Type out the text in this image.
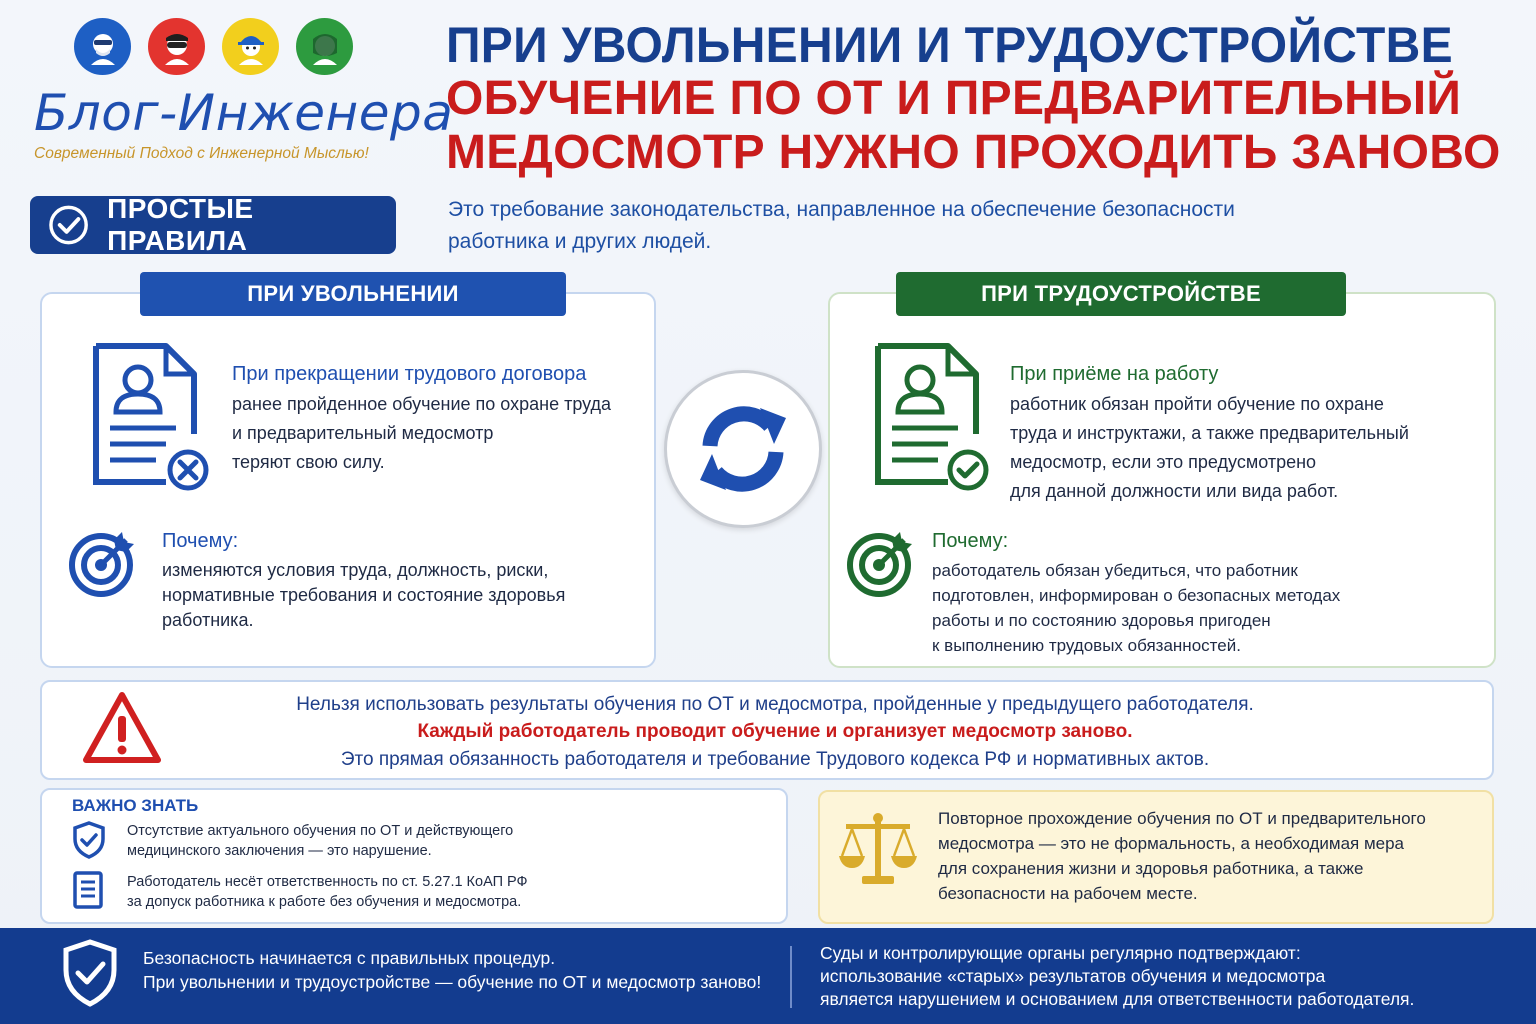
Блог-Инженера
Современный Подход с Инженерной Мыслью!
ПРОСТЫЕ ПРАВИЛА
ПРИ УВОЛЬНЕНИИ И ТРУДОУСТРОЙСТВЕ
ОБУЧЕНИЕ ПО ОТ И ПРЕДВАРИТЕЛЬНЫЙ
МЕДОСМОТР НУЖНО ПРОХОДИТЬ ЗАНОВО
Это требование законодательства, направленное на обеспечение безопасности
работника и других людей.
ПРИ УВОЛЬНЕНИИ
При прекращении трудового договора
ранее пройденное обучение по охране труда
и предварительный медосмотр
теряют свою силу.
Почему:
изменяются условия труда, должность, риски,
нормативные требования и состояние здоровья
работника.
ПРИ ТРУДОУСТРОЙСТВЕ
При приёме на работу
работник обязан пройти обучение по охране
труда и инструктажи, а также предварительный
медосмотр, если это предусмотрено
для данной должности или вида работ.
Почему:
работодатель обязан убедиться, что работник
подготовлен, информирован о безопасных методах
работы и по состоянию здоровья пригоден
к выполнению трудовых обязанностей.
Нельзя использовать результаты обучения по ОТ и медосмотра, пройденные у предыдущего работодателя.
Каждый работодатель проводит обучение и организует медосмотр заново.
Это прямая обязанность работодателя и требование Трудового кодекса РФ и нормативных актов.
ВАЖНО ЗНАТЬ
Отсутствие актуального обучения по ОТ и действующего
медицинского заключения — это нарушение.
Работодатель несёт ответственность по ст. 5.27.1 КоАП РФ
за допуск работника к работе без обучения и медосмотра.
Повторное прохождение обучения по ОТ и предварительного
медосмотра — это не формальность, а необходимая мера
для сохранения жизни и здоровья работника, а также
безопасности на рабочем месте.
Безопасность начинается с правильных процедур.
При увольнении и трудоустройстве — обучение по ОТ и медосмотр заново!
Суды и контролирующие органы регулярно подтверждают:
использование «старых» результатов обучения и медосмотра
является нарушением и основанием для ответственности работодателя.
